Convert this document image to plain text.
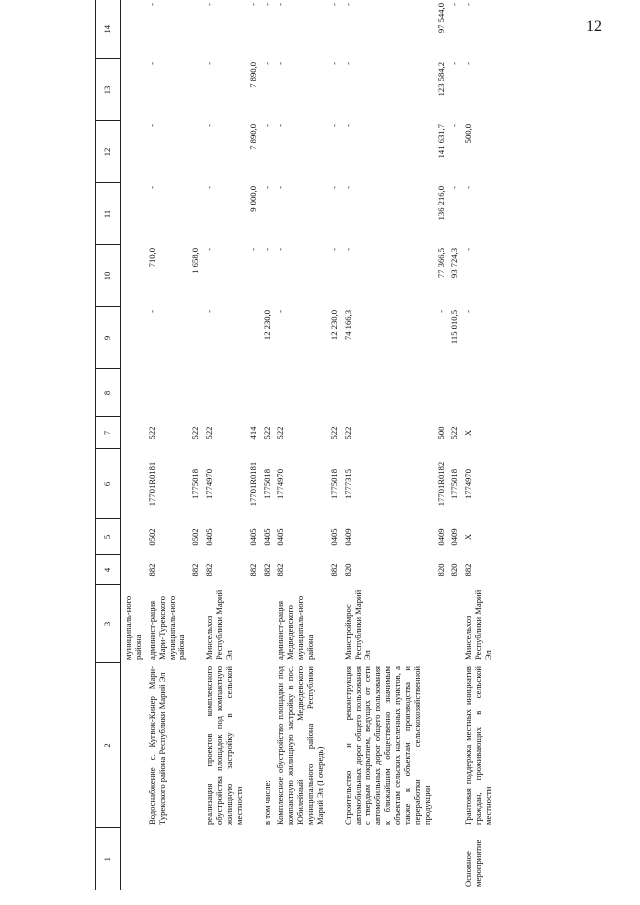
12
1	2	3	4	5	6	7	8	9	10	11	12	13	14
		муниципаль-ного района											
	Водоснабжение с. Кугвок-Кинер Мари-Турекского района Республики Марий Эл	админист-рация Мари-Турекского муниципаль-ного района	882	0502	17701R0181	522		-	710,0	-	-	-	-
			882	0502	1775018	522			1 658,0				
	реализация проектов комплексного обустройства площадок под компактную жилищную застройку в сельской местности	Минсельхоз Республики Марий Эл	882	0405	1774970	522		-	-	-	-	-	-
			882	0405	17701R0181	414			-	9 000,0	7 890,0	7 890,0	-
	в том числе:		882	0405	1775018	522		12 230,0	-	-	-	-	-
	Комплексное обустройство площадки под компактную жилищную застройку в пос. Юбилейный Медведевского муниципального района Республики Марий Эл (I очередь)	админист-рация Медведевского муниципаль-ного района	882	0405	1774970	522		-	-	-	-	-	-
			882	0405	1775018	522		12 230,0	-	-	-	-	-
	Строительство и реконструкция автомобильных дорог общего пользования с твердым покрытием, ведущих от сети автомобильных дорог общего пользования к ближайшим общественно значимым объектам сельских населенных пунктов, а также к объектам производства и переработки сельскохозяйственной продукции	Минстроймрос Республики Марий Эл	820	0409	1777315	522		74 166,3	-	-	-	-	-
			820	0409	17701R0182	500		-	77 366,5	136 216,0	141 631,7	123 584,2	97 544,0
			820	0409	1775018	522		115 010,5	93 724,3	-	-	-	-
Основное мероприятие	Грантовая поддержка местных инициатив граждан, проживающих в сельской местности	Минсельхоз Республики Марий Эл	882	X	1774970	X		-	-	-	500,0	-	-
